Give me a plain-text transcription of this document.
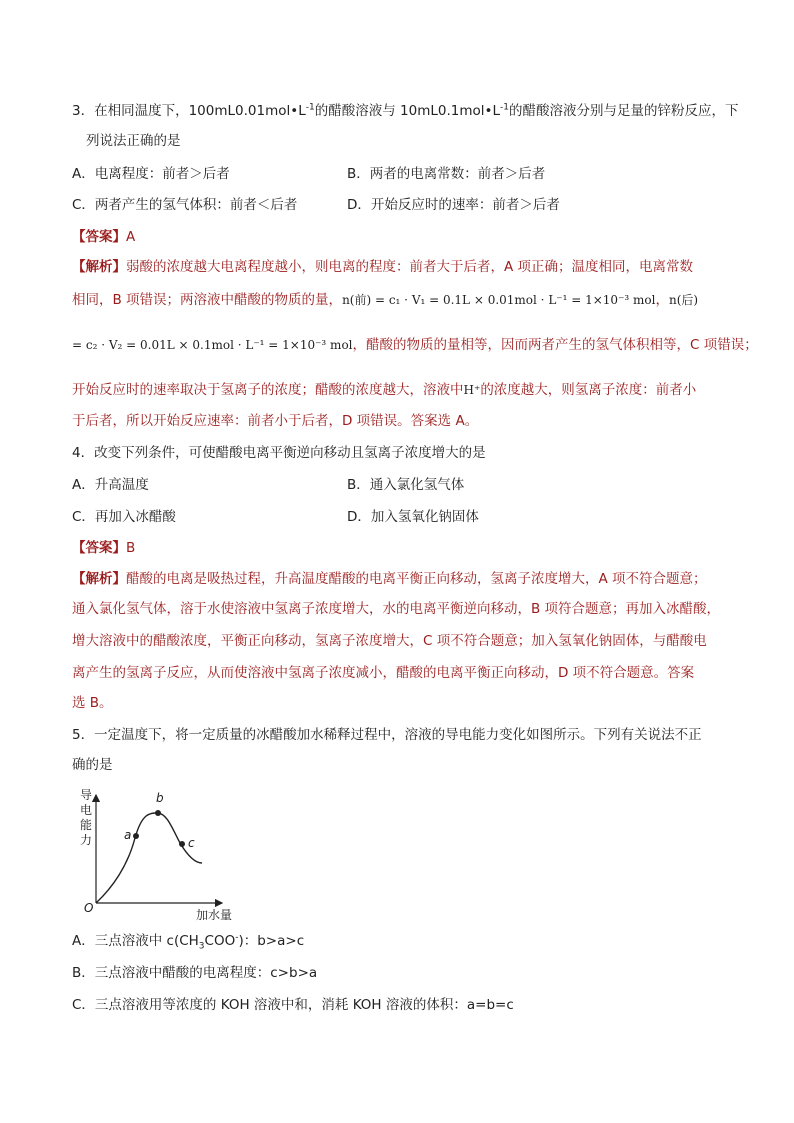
3．在相同温度下，$100mL0.01mol•L^{-1}$的醋酸溶液与 $10mL0.1mol•L^{-1}$的醋酸溶液分别与足量的锌粉反应，下
列说法正确的是
A．电离程度：前者＞后者	B．两者的电离常数：前者＞后者
C．两者产生的氢气体积：前者＜后者	D．开始反应时的速率：前者＞后者
【答案】A
【解析】弱酸的浓度越大电离程度越小，则电离的程度：前者大于后者，A 项正确；温度相同，电离常数
相同，B 项错误；两溶液中醋酸的物质的量，n(前) = c₁ · V₁ = 0.1L × 0.01mol · L⁻¹ = 1×10⁻³ mol，n(后)
= c₂ · V₂ = 0.01L × 0.1mol · L⁻¹ = 1×10⁻³ mol，醋酸的物质的量相等，因而两者产生的氢气体积相等，C 项错误；
开始反应时的速率取决于氢离子的浓度；醋酸的浓度越大，溶液中H⁺的浓度越大，则氢离子浓度：前者小
于后者，所以开始反应速率：前者小于后者，D 项错误。答案选 A。
4．改变下列条件，可使醋酸电离平衡逆向移动且氢离子浓度增大的是
A．升高温度	B．通入氯化氢气体
C．再加入冰醋酸	D．加入氢氧化钠固体
【答案】B
【解析】醋酸的电离是吸热过程，升高温度醋酸的电离平衡正向移动，氢离子浓度增大，A 项不符合题意；
通入氯化氢气体，溶于水使溶液中氢离子浓度增大，水的电离平衡逆向移动，B 项符合题意；再加入冰醋酸，
增大溶液中的醋酸浓度，平衡正向移动，氢离子浓度增大，C 项不符合题意；加入氢氧化钠固体，与醋酸电
离产生的氢离子反应，从而使溶液中氢离子浓度减小，醋酸的电离平衡正向移动，D 项不符合题意。答案
选 B。
5．一定温度下，将一定质量的冰醋酸加水稀释过程中，溶液的导电能力变化如图所示。下列有关说法不正
确的是
a
b
c
导
电
能
力
O	加水量
A．三点溶液中 $c(CH_3COO^-)$：b>a>c
B．三点溶液中醋酸的电离程度：c>b>a
C．三点溶液用等浓度的 KOH 溶液中和，消耗 KOH 溶液的体积：a=b=c
